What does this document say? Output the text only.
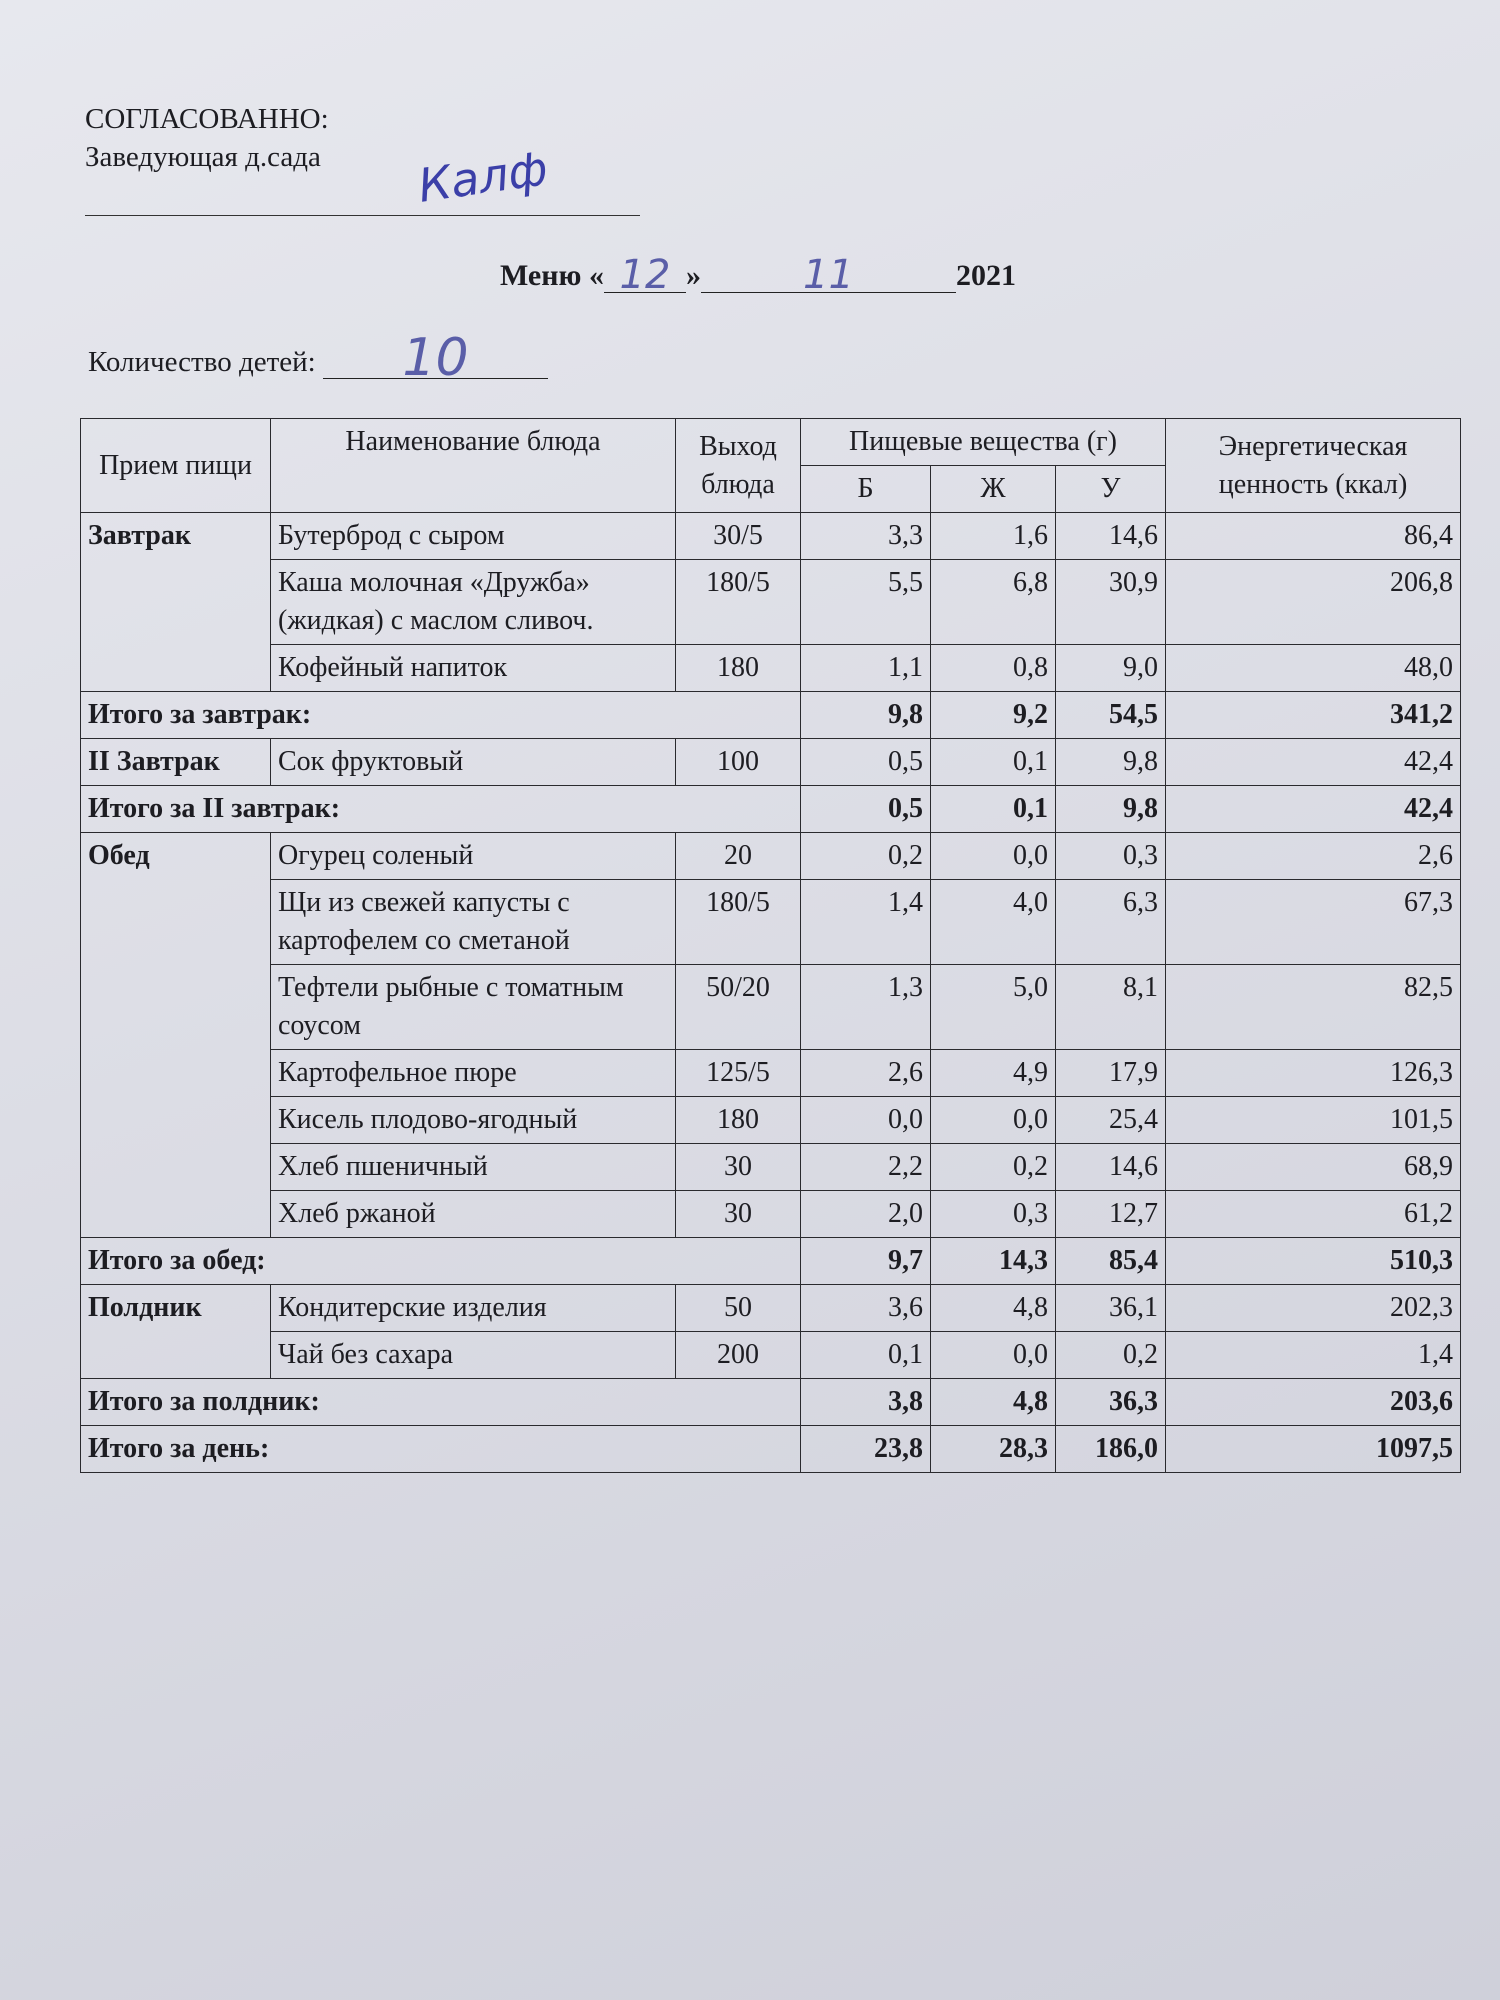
СОГЛАСОВАННО:
Заведующая д.сада Калф
Меню « 12 »	11	2021
Количество детей: 10
Прием пищи	Наименование блюда	Выход блюда	Пищевые вещества (г)			Энергетическая ценность (ккал)
			Б	Ж	У	
Завтрак	Бутерброд с сыром	30/5	3,3	1,6	14,6	86,4
	Каша молочная «Дружба» (жидкая) с маслом сливоч.	180/5	5,5	6,8	30,9	206,8
	Кофейный напиток	180	1,1	0,8	9,0	48,0
Итого за завтрак:			9,8	9,2	54,5	341,2
II Завтрак	Сок фруктовый	100	0,5	0,1	9,8	42,4
Итого за II завтрак:			0,5	0,1	9,8	42,4
Обед	Огурец соленый	20	0,2	0,0	0,3	2,6
	Щи из свежей капусты с картофелем со сметаной	180/5	1,4	4,0	6,3	67,3
	Тефтели рыбные с томатным соусом	50/20	1,3	5,0	8,1	82,5
	Картофельное пюре	125/5	2,6	4,9	17,9	126,3
	Кисель плодово-ягодный	180	0,0	0,0	25,4	101,5
	Хлеб пшеничный	30	2,2	0,2	14,6	68,9
	Хлеб ржаной	30	2,0	0,3	12,7	61,2
Итого за обед:			9,7	14,3	85,4	510,3
Полдник	Кондитерские изделия	50	3,6	4,8	36,1	202,3
	Чай без сахара	200	0,1	0,0	0,2	1,4
Итого за полдник:			3,8	4,8	36,3	203,6
Итого за день:			23,8	28,3	186,0	1097,5
